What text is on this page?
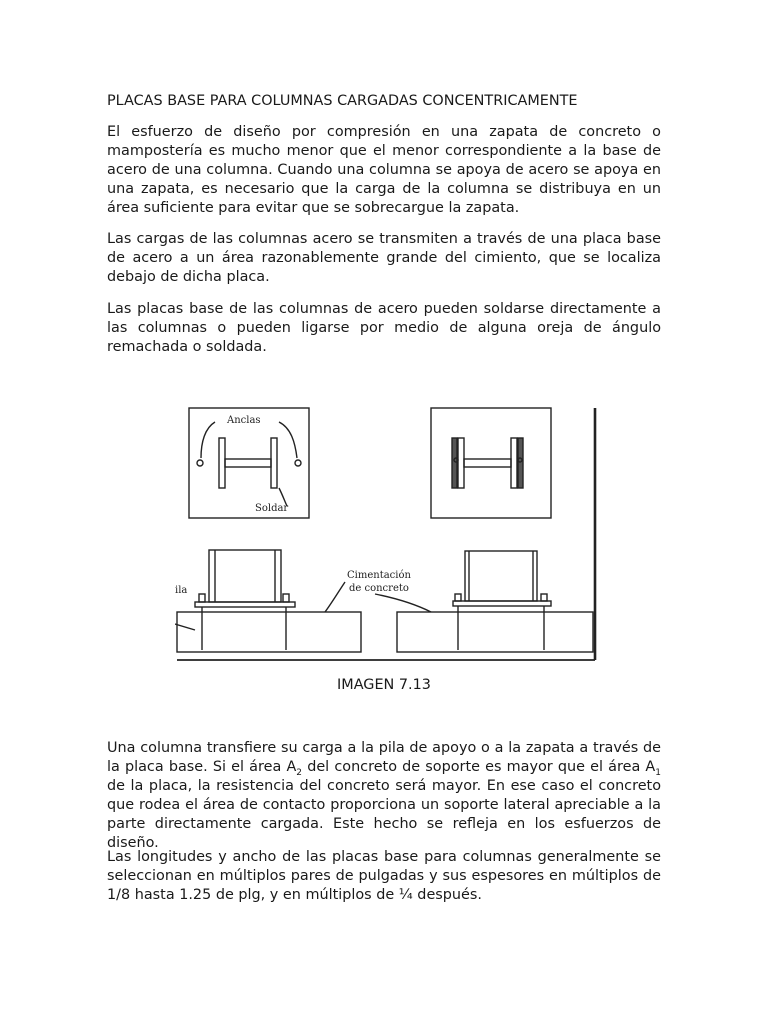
PLACAS BASE PARA COLUMNAS CARGADAS CONCENTRICAMENTE
El esfuerzo de diseño por compresión en una zapata de concreto o mampostería es mucho menor que el menor correspondiente a la base de acero de una columna. Cuando una columna se apoya de acero se apoya en una zapata, es necesario que la carga de la columna se distribuya en un área suficiente para evitar que se sobrecargue la zapata.
Las cargas de las columnas acero se transmiten a través de una placa base de acero a un área razonablemente grande del cimiento, que se localiza debajo de dicha placa.
Las placas base de las columnas de acero pueden soldarse directamente a las columnas o pueden ligarse por medio de alguna oreja de ángulo remachada o soldada.
Anclas
Soldar
Cimentación
de concreto
ila
IMAGEN 7.13
Una columna transfiere su carga a la pila de apoyo o a la zapata a través de la placa base. Si el área $A_2$ del concreto de soporte es mayor que el área $A_1$ de la placa, la resistencia del concreto será mayor. En ese caso el concreto que rodea el área de contacto proporciona un soporte lateral apreciable a la parte directamente cargada. Este hecho se refleja en los esfuerzos de diseño.
Las longitudes y ancho de las placas base para columnas generalmente se seleccionan en múltiplos pares de pulgadas y sus espesores en múltiplos de 1/8 hasta 1.25 de plg, y en múltiplos de ¼ después.
